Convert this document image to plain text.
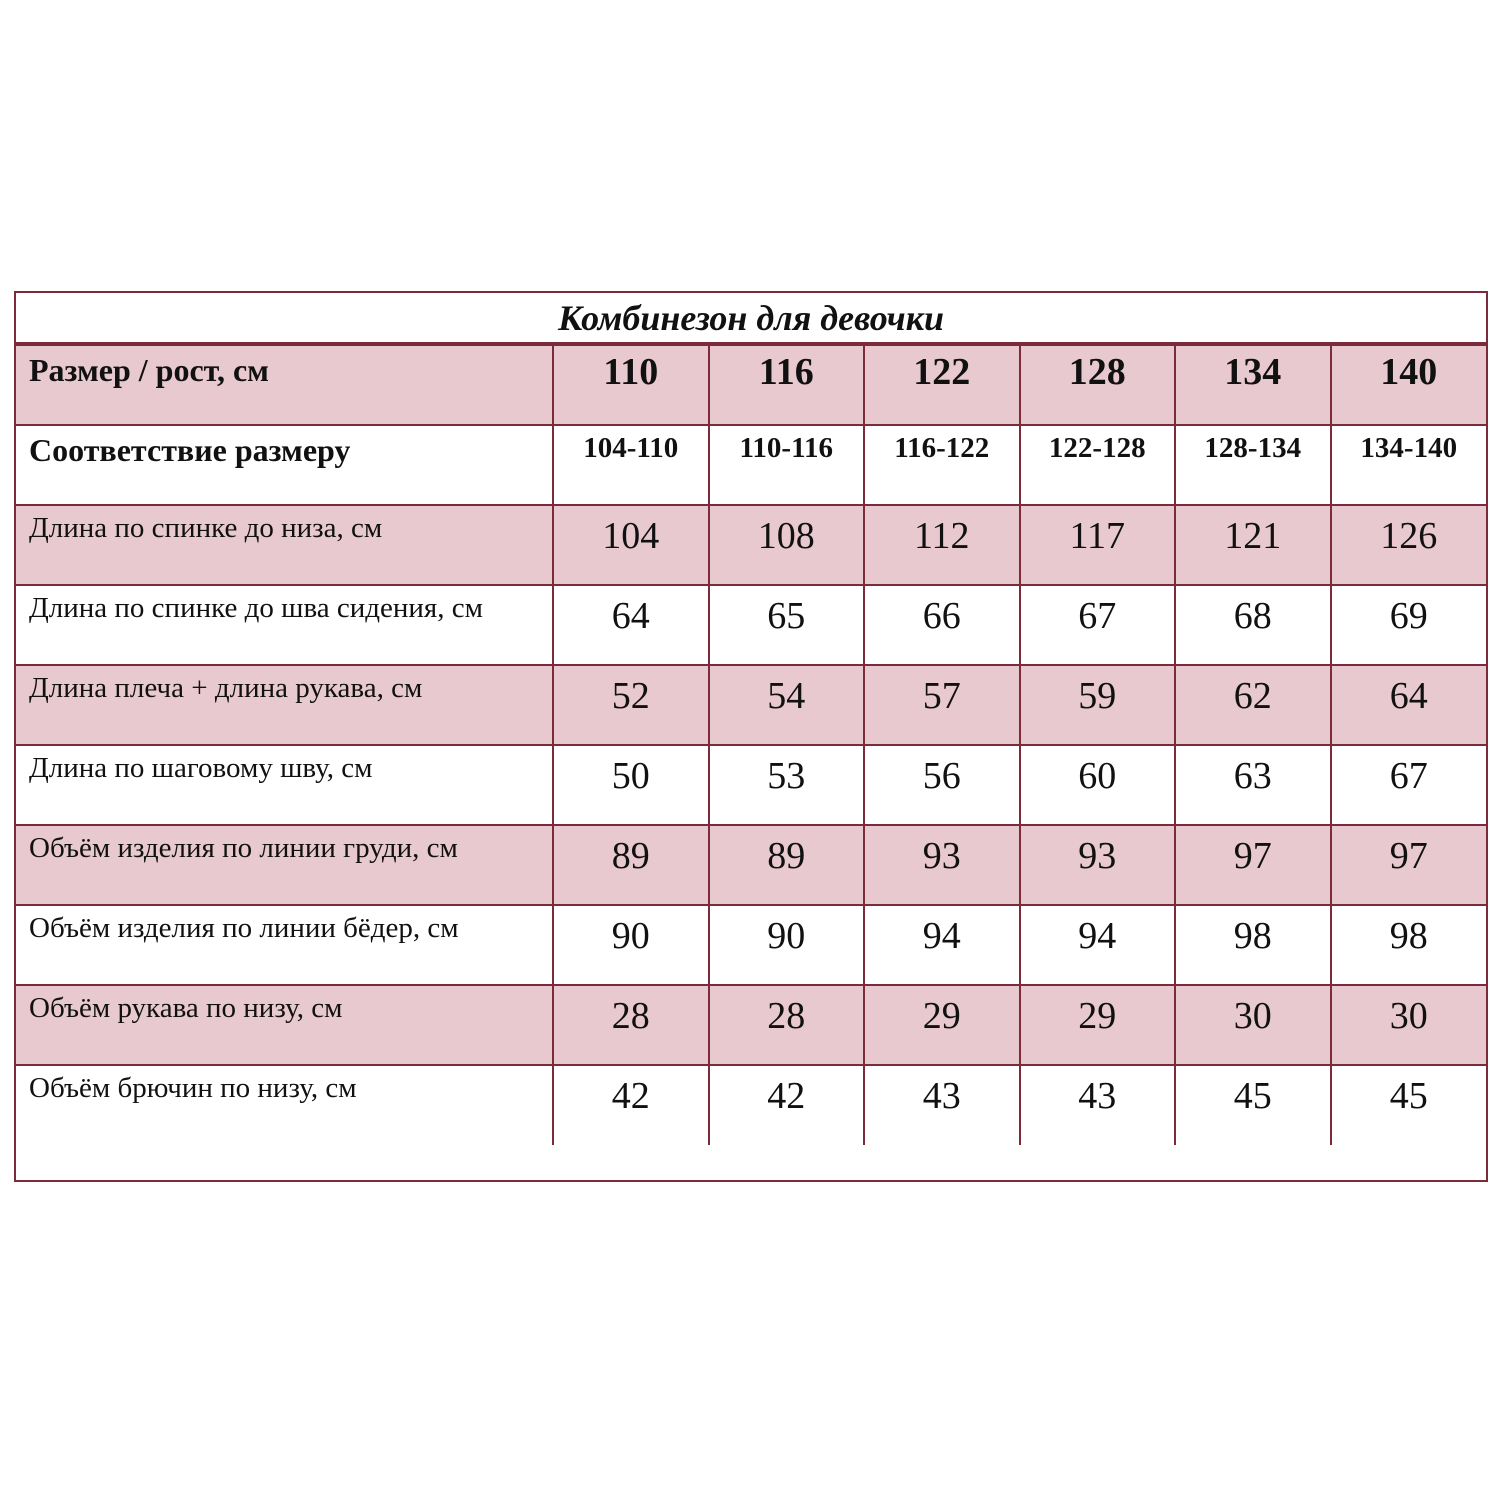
Комбинезон для девочки
Размер / рост, см	110	116	122	128	134	140
Соответствие размеру	104-110	110-116	116-122	122-128	128-134	134-140
Длина по спинке до низа, см	104	108	112	117	121	126
Длина по спинке до шва сидения, см	64	65	66	67	68	69
Длина плеча + длина рукава, см	52	54	57	59	62	64
Длина по шаговому шву, см	50	53	56	60	63	67
Объём изделия по линии груди, см	89	89	93	93	97	97
Объём изделия по линии бёдер, см	90	90	94	94	98	98
Объём рукава по низу, см	28	28	29	29	30	30
Объём брючин по низу, см	42	42	43	43	45	45
